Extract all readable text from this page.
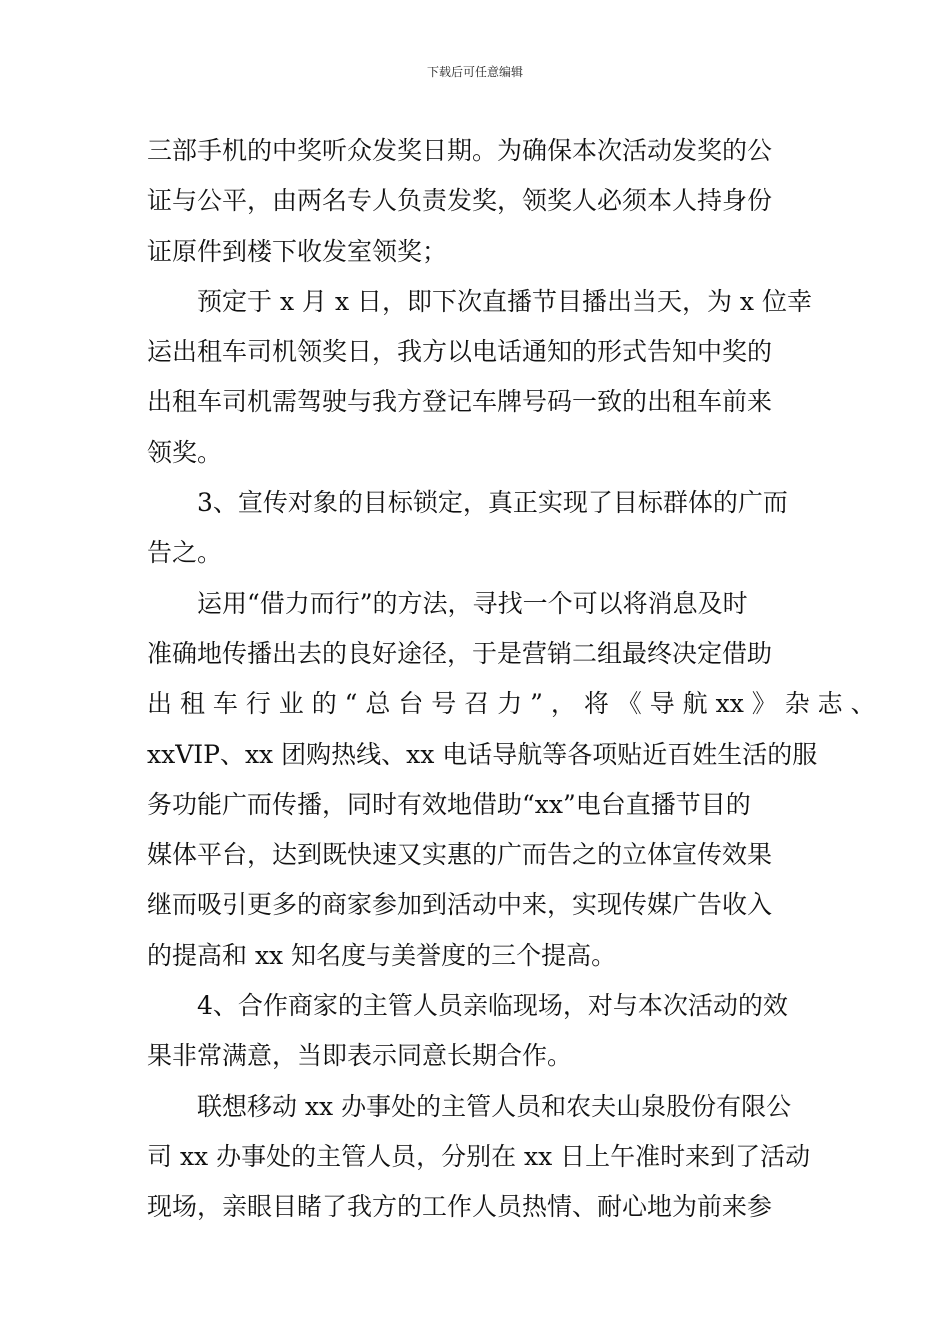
下载后可任意编辑
三部手机的中奖听众发奖日期。为确保本次活动发奖的公
证与公平，由两名专人负责发奖，领奖人必须本人持身份
证原件到楼下收发室领奖；
预定于 x 月 x 日，即下次直播节目播出当天，为 x 位幸
运出租车司机领奖日，我方以电话通知的形式告知中奖的
出租车司机需驾驶与我方登记车牌号码一致的出租车前来
领奖。
3、宣传对象的目标锁定，真正实现了目标群体的广而
告之。
运用“借力而行”的方法，寻找一个可以将消息及时
准确地传播出去的良好途径，于是营销二组最终决定借助
出 租 车 行 业 的 “ 总 台 号 召 力 ” ， 将 《 导 航 xx 》 杂 志 、
xxVIP、xx 团购热线、xx 电话导航等各项贴近百姓生活的服
务功能广而传播，同时有效地借助“xx”电台直播节目的
媒体平台，达到既快速又实惠的广而告之的立体宣传效果
继而吸引更多的商家参加到活动中来，实现传媒广告收入
的提高和 xx 知名度与美誉度的三个提高。
4、合作商家的主管人员亲临现场，对与本次活动的效
果非常满意，当即表示同意长期合作。
联想移动 xx 办事处的主管人员和农夫山泉股份有限公
司 xx 办事处的主管人员，分别在 xx 日上午准时来到了活动
现场，亲眼目睹了我方的工作人员热情、耐心地为前来参
